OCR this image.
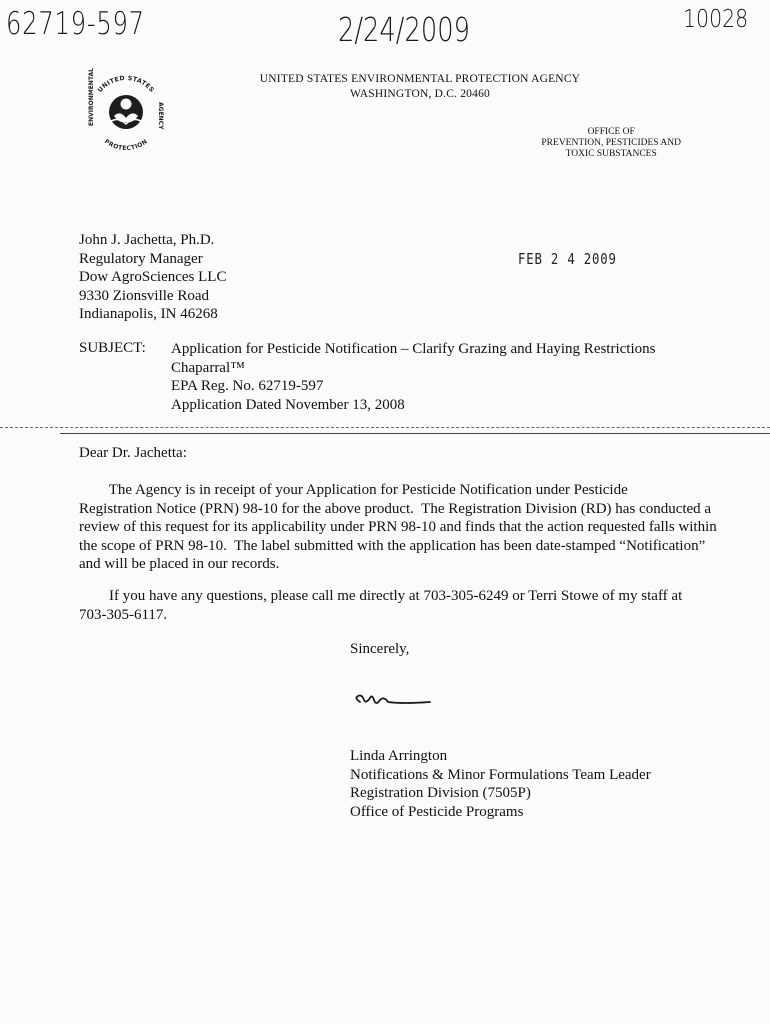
62719-597	2/24/2009	10028
UNITED STATES
ENVIRONMENTAL	AGENCY
PROTECTION
UNITED STATES ENVIRONMENTAL PROTECTION AGENCY
WASHINGTON, D.C. 20460
OFFICE OF
PREVENTION, PESTICIDES AND
TOXIC SUBSTANCES
John J. Jachetta, Ph.D.
Regulatory Manager
Dow AgroSciences LLC
9330 Zionsville Road
Indianapolis, IN 46268
FEB 2 4 2009
SUBJECT: Application for Pesticide Notification – Clarify Grazing and Haying Restrictions
Chaparral™
EPA Reg. No. 62719-597
Application Dated November 13, 2008
Dear Dr. Jachetta:
The Agency is in receipt of your Application for Pesticide Notification under Pesticide
Registration Notice (PRN) 98-10 for the above product.  The Registration Division (RD) has conducted a
review of this request for its applicability under PRN 98-10 and finds that the action requested falls within
the scope of PRN 98-10.  The label submitted with the application has been date-stamped “Notification”
and will be placed in our records.
If you have any questions, please call me directly at 703-305-6249 or Terri Stowe of my staff at
703-305-6117.
Sincerely,
Linda Arrington
Notifications & Minor Formulations Team Leader
Registration Division (7505P)
Office of Pesticide Programs
